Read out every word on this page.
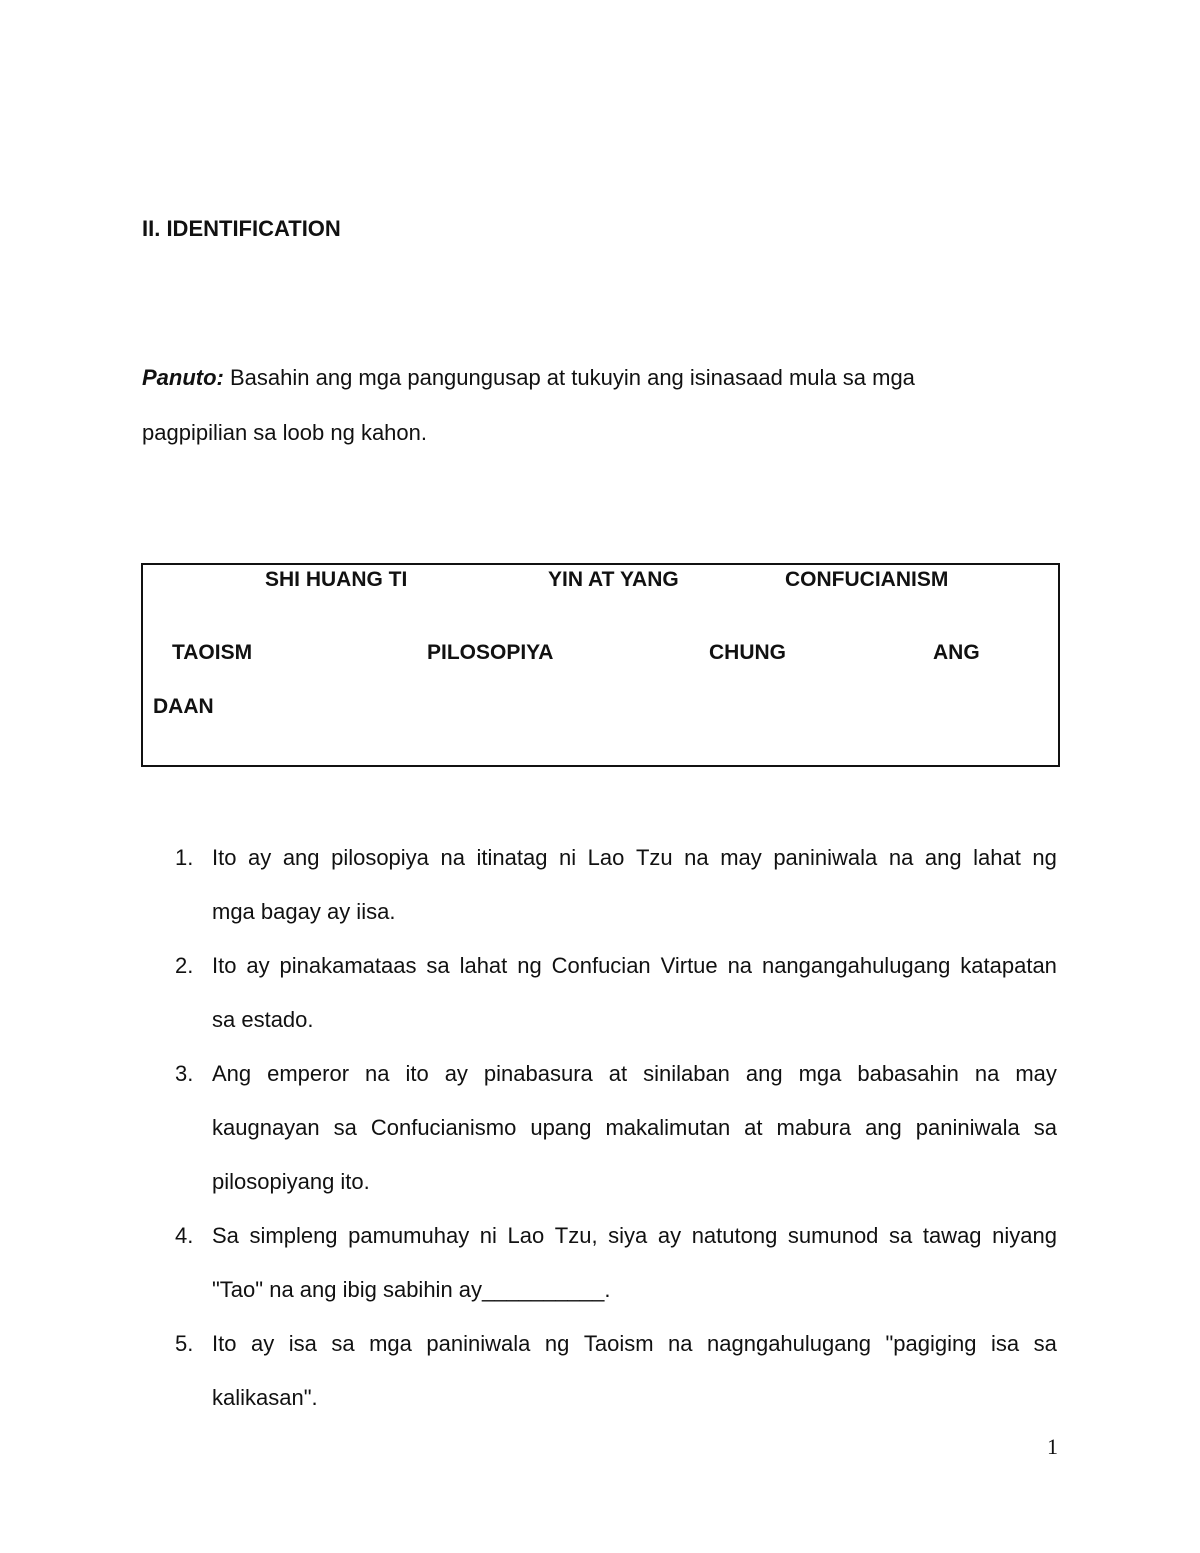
II. IDENTIFICATION
Panuto: Basahin ang mga pangungusap at tukuyin ang isinasaad mula sa mga
pagpipilian sa loob ng kahon.
SHI HUANG TI	YIN AT YANG	CONFUCIANISM
TAOISM	PILOSOPIYA	CHUNG	ANG
DAAN
1. Ito ay ang pilosopiya na itinatag ni Lao Tzu na may paniniwala na ang lahat ng
mga bagay ay iisa.
2. Ito ay pinakamataas sa lahat ng Confucian Virtue na nangangahulugang katapatan
sa estado.
3. Ang emperor na ito ay pinabasura at sinilaban ang mga babasahin na may
kaugnayan sa Confucianismo upang makalimutan at mabura ang paniniwala sa
pilosopiyang ito.
4. Sa simpleng pamumuhay ni Lao Tzu, siya ay natutong sumunod sa tawag niyang
"Tao" na ang ibig sabihin ay__________.
5. Ito ay isa sa mga paniniwala ng Taoism na nagngahulugang "pagiging isa sa
kalikasan".
1
